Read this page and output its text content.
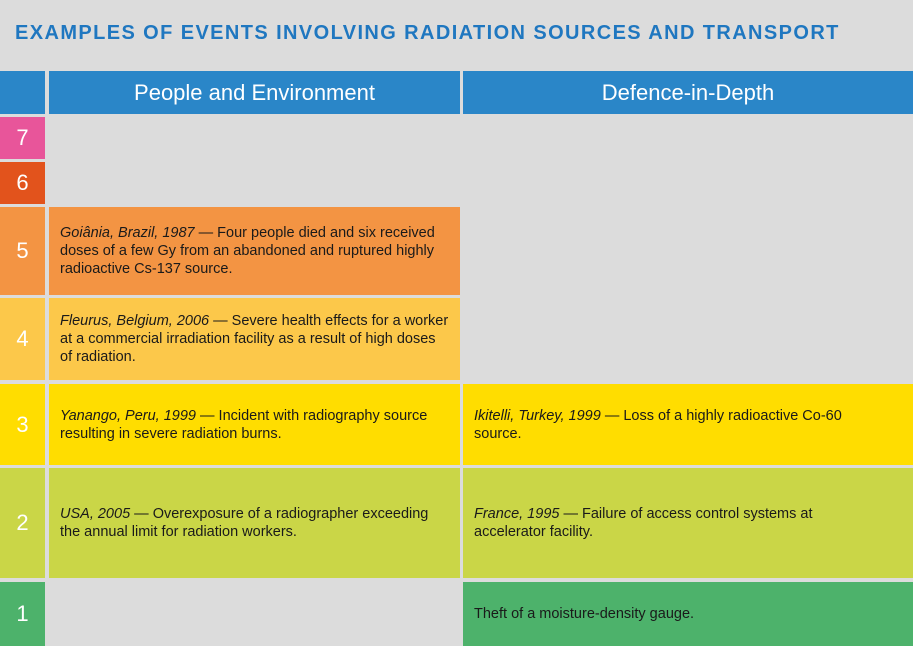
EXAMPLES OF EVENTS INVOLVING RADIATION SOURCES AND TRANSPORT
People and Environment	Defence-in-Depth
7
6
5
4
3
2
1
Goiânia, Brazil, 1987 — Four people died and six received doses of a few Gy from an abandoned and ruptured highly radioactive Cs-137 source.
Fleurus, Belgium, 2006 — Severe health effects for a worker at a commercial irradiation facility as a result of high doses of radiation.
Yanango, Peru, 1999 — Incident with radiography source resulting in severe radiation burns.
USA, 2005 — Overexposure of a radiographer exceeding the annual limit for radiation workers.
Ikitelli, Turkey, 1999 — Loss of a highly radioactive Co-60 source.
France, 1995 — Failure of access control systems at accelerator facility.
Theft of a moisture-density gauge.
